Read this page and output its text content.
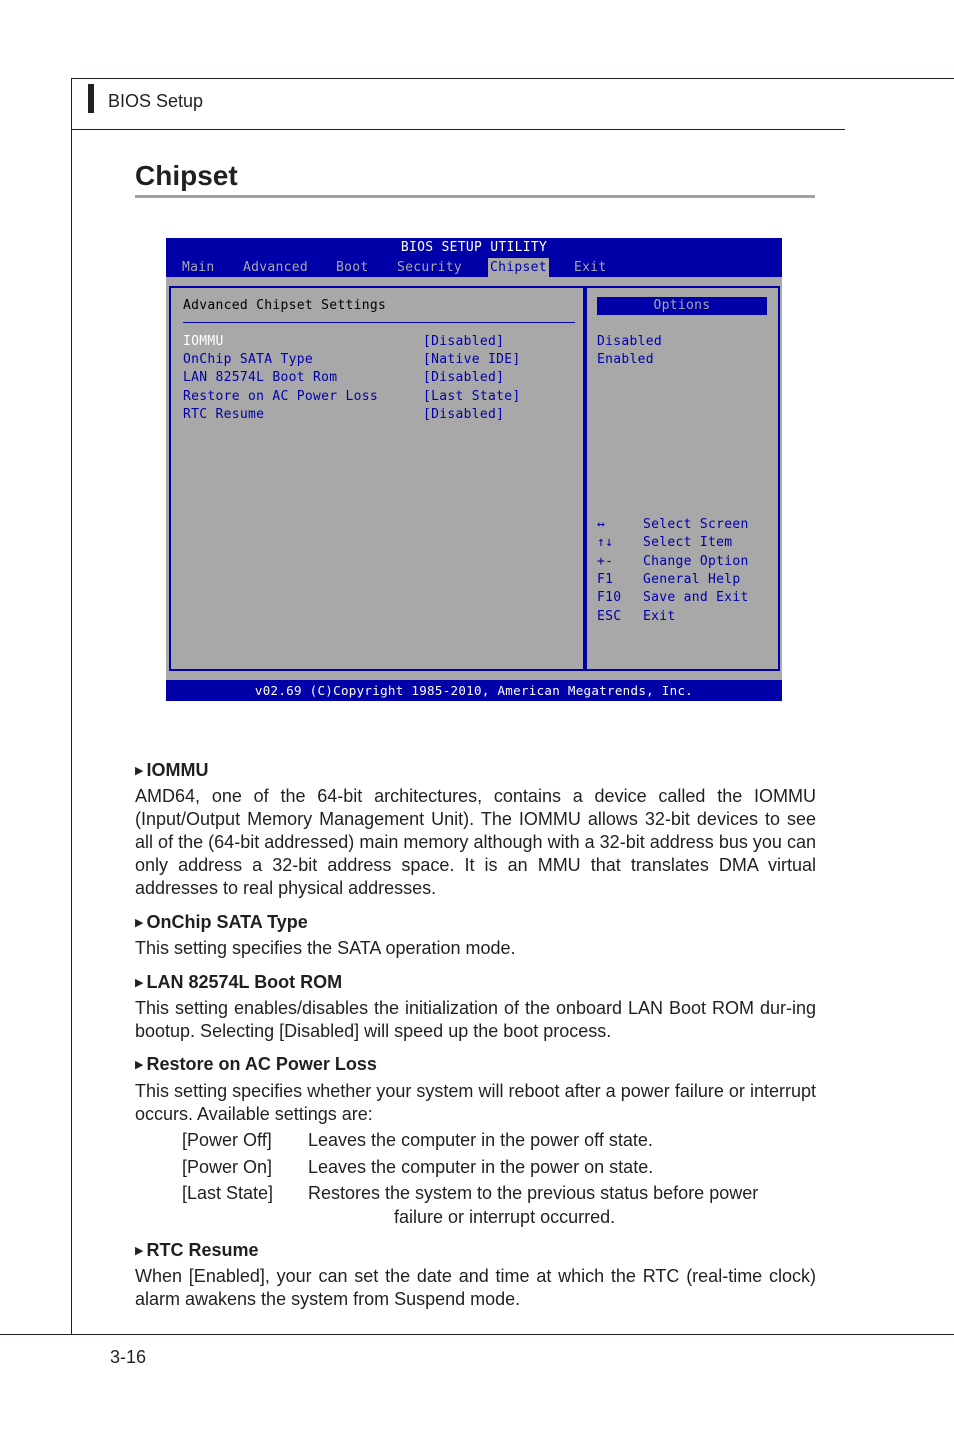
BIOS Setup
Chipset
BIOS SETUP UTILITY
Main Advanced Boot Security Chipset Exit
Advanced Chipset Settings
IOMMU	[Disabled]
OnChip SATA Type	[Native IDE]
LAN 82574L Boot Rom	[Disabled]
Restore on AC Power Loss	[Last State]
RTC Resume	[Disabled]
Options
Disabled
Enabled
↔	Select Screen
↑↓ Select Item
+- Change Option
F1 General Help
F10 Save and Exit
ESC Exit
v02.69 (C)Copyright 1985-2010, American Megatrends, Inc.
▶ IOMMU

AMD64, one of the 64-bit architectures, contains a device called the IOMMU (Input/Output Memory Management Unit). The IOMMU allows 32-bit devices to see all of the (64-bit addressed) main memory although with a 32-bit address bus you can only address a 32-bit address space. It is an MMU that translates DMA virtual addresses to real physical addresses.

▶ OnChip SATA Type

This setting specifies the SATA operation mode.

▶ LAN 82574L Boot ROM

This setting enables/disables the initialization of the onboard LAN Boot ROM dur-ing bootup. Selecting [Disabled] will speed up the boot process.

▶ Restore on AC Power Loss

This setting specifies whether your system will reboot after a power failure or interrupt occurs. Available settings are:

[Power Off] Leaves the computer in the power off state.
[Power On] Leaves the computer in the power on state.
[Last State] Restores the system to the previous status before power
failure or interrupt occurred.
▶ RTC Resume

When [Enabled], your can set the date and time at which the RTC (real-time clock) alarm awakens the system from Suspend mode.

3-16
